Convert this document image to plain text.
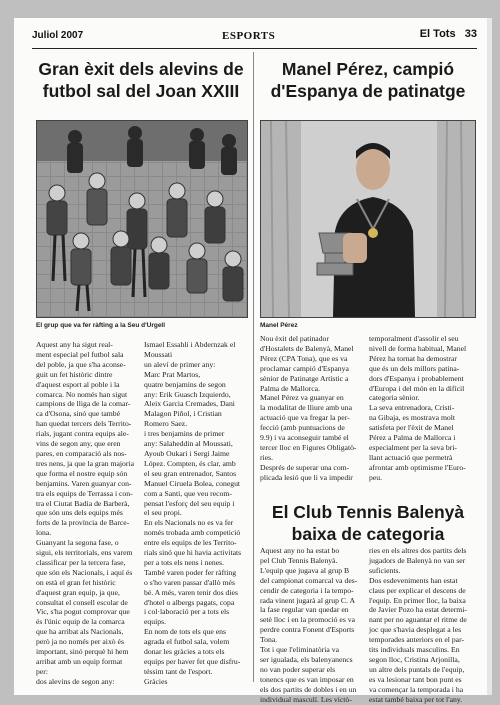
Juliol 2007	ESPORTS	El Tots 33
Gran èxit dels alevins de futbol sal del Joan XXIII
El grup que va fer ràfting a la Seu d'Urgell
Aquest any ha sigut real-
ment especial pel futbol sala
del poble, ja que s'ha aconse-
guit un fet històric dintre
d'aquest esport al poble i la
comarca. No només han sigut
campions de lliga de la comar-
ca d'Osona, sinó que també
han quedat tercers dels Territo-
rials, jugant contra equips ale-
vins de segon any, que eren
pares, en comparació als nos-
tres nens, ja que la gran majoria
que forma el nostre equip són
benjamins. Varen guanyar con-
tra els equips de Terrassa i con-
tra el Ciutat Badia de Barberà,
que són uns dels equips més
forts de la província de Barce-
lona.
Guanyant la segona fase, o
sigui, els territorials, ens varem
classificar per la tercera fase,
que són els Nacionals, i aquí és
on està el gran fet històric
d'aquest gran equip, ja que,
consultat el consell escolar de
Vic, s'ha pogut comprovar que
és l'únic equip de la comarca
que ha arribat als Nacionals,
però ja no només per això és
important, sinó perquè hi hem
arribat amb un equip format
per:
dos alevins de segon any:
Ismael Essahli i Abdernzak el
Moussati
un aleví de primer any:
Marc Prat Martos,
quatre benjamins de segon
any: Erik Guasch Izquierdo,
Aleix Garcia Cremades, Dani
Malagon Piñol, i Cristian
Romero Saez.
i tres benjamins de primer
any: Salaheddin al Moussati,
Ayoub Oukari i Sergi Jaime
López. Compten, és clar, amb
el seu gran entrenador, Santos
Manuel Ciruela Bolea, conegut
com a Santi, que veu recom-
pensat l'esforç del seu equip i
el seu propi.
En els Nacionals no es va fer
només trobada amb competició
entre els equips de les Territo-
rials sinó que hi havia activitats
per a tots els nens i nenes.
També varen poder fer ràfting
o s'ho varen passar d'allò més
bé. A més, varen tenir dos dies
d'hotel o albergs pagats, copa
i col·laboració per a tots els
equips.
En nom de tots els que ens
agrada el futbol sala, volem
donar les gràcies a tots els
equips per haver fet que disfru-
téssim tant de l'esport.
Gràcies
Manel Pérez, campió d'Espanya de patinatge
Manel Pérez
Nou èxit del patinador
d'Hostalets de Balenyà, Manel
Pérez (CPA Tona), que es va
proclamar campió d'Espanya
sènior de Patinatge Artístic a
Palma de Mallorca.
Manel Pérez va guanyar en
la modalitat de lliure amb una
actuació que va fregar la per-
fecció (amb puntuacions de
9.9) i va aconseguir també el
tercer lloc en Figures Obligatò-
ries.
Després de superar una com-
plicada lesió que li va impedir
temporalment d'assolir el seu
nivell de forma habitual, Manel
Pérez ha tornat ha demostrar
que és un dels millors patina-
dors d'Espanya i probablement
d'Europa i del món en la difícil
categoria sènior.
La seva entrenadora, Cristi-
na Gibaja, es mostrava molt
satisfeta per l'èxit de Manel
Pérez a Palma de Mallorca i
especialment per la seva bri-
llant actuació que permetrà
afrontar amb optimisme l'Euro-
peu.
El Club Tennis Balenyà baixa de categoria
Aquest any no ha estat bo
pel Club Tennis Balenyà.
L'equip que jugava al grup B
del campionat comarcal va des-
cendir de categoria i la tempo-
rada vinent jugarà al grup C. A
la fase regular van quedar en
setè lloc i en la promoció es va
perdre contra Fonent d'Esports
Tona.
Tot i que l'eliminatòria va
ser igualada, els balenyanencs
no van poder superar els
tonencs que es van imposar en
els dos partits de dobles i en un
individual masculí. Les victò-
ries en els altres dos partits dels
jugadors de Balenyà no van ser
suficients.
Dos esdeveniments han estat
claus per explicar el descens de
l'equip. En primer lloc, la baixa
de Javier Pozo ha estat determi-
nant per no aguantar el ritme de
joc que s'havia desplegat a les
temporades anteriors en el par-
tits individuals masculins. En
segon lloc, Cristina Arjonilla,
un altre dels puntals de l'equip,
es va lesionar tant bon punt es
va començar la temporada i ha
estat també baixa per tot l'any.
